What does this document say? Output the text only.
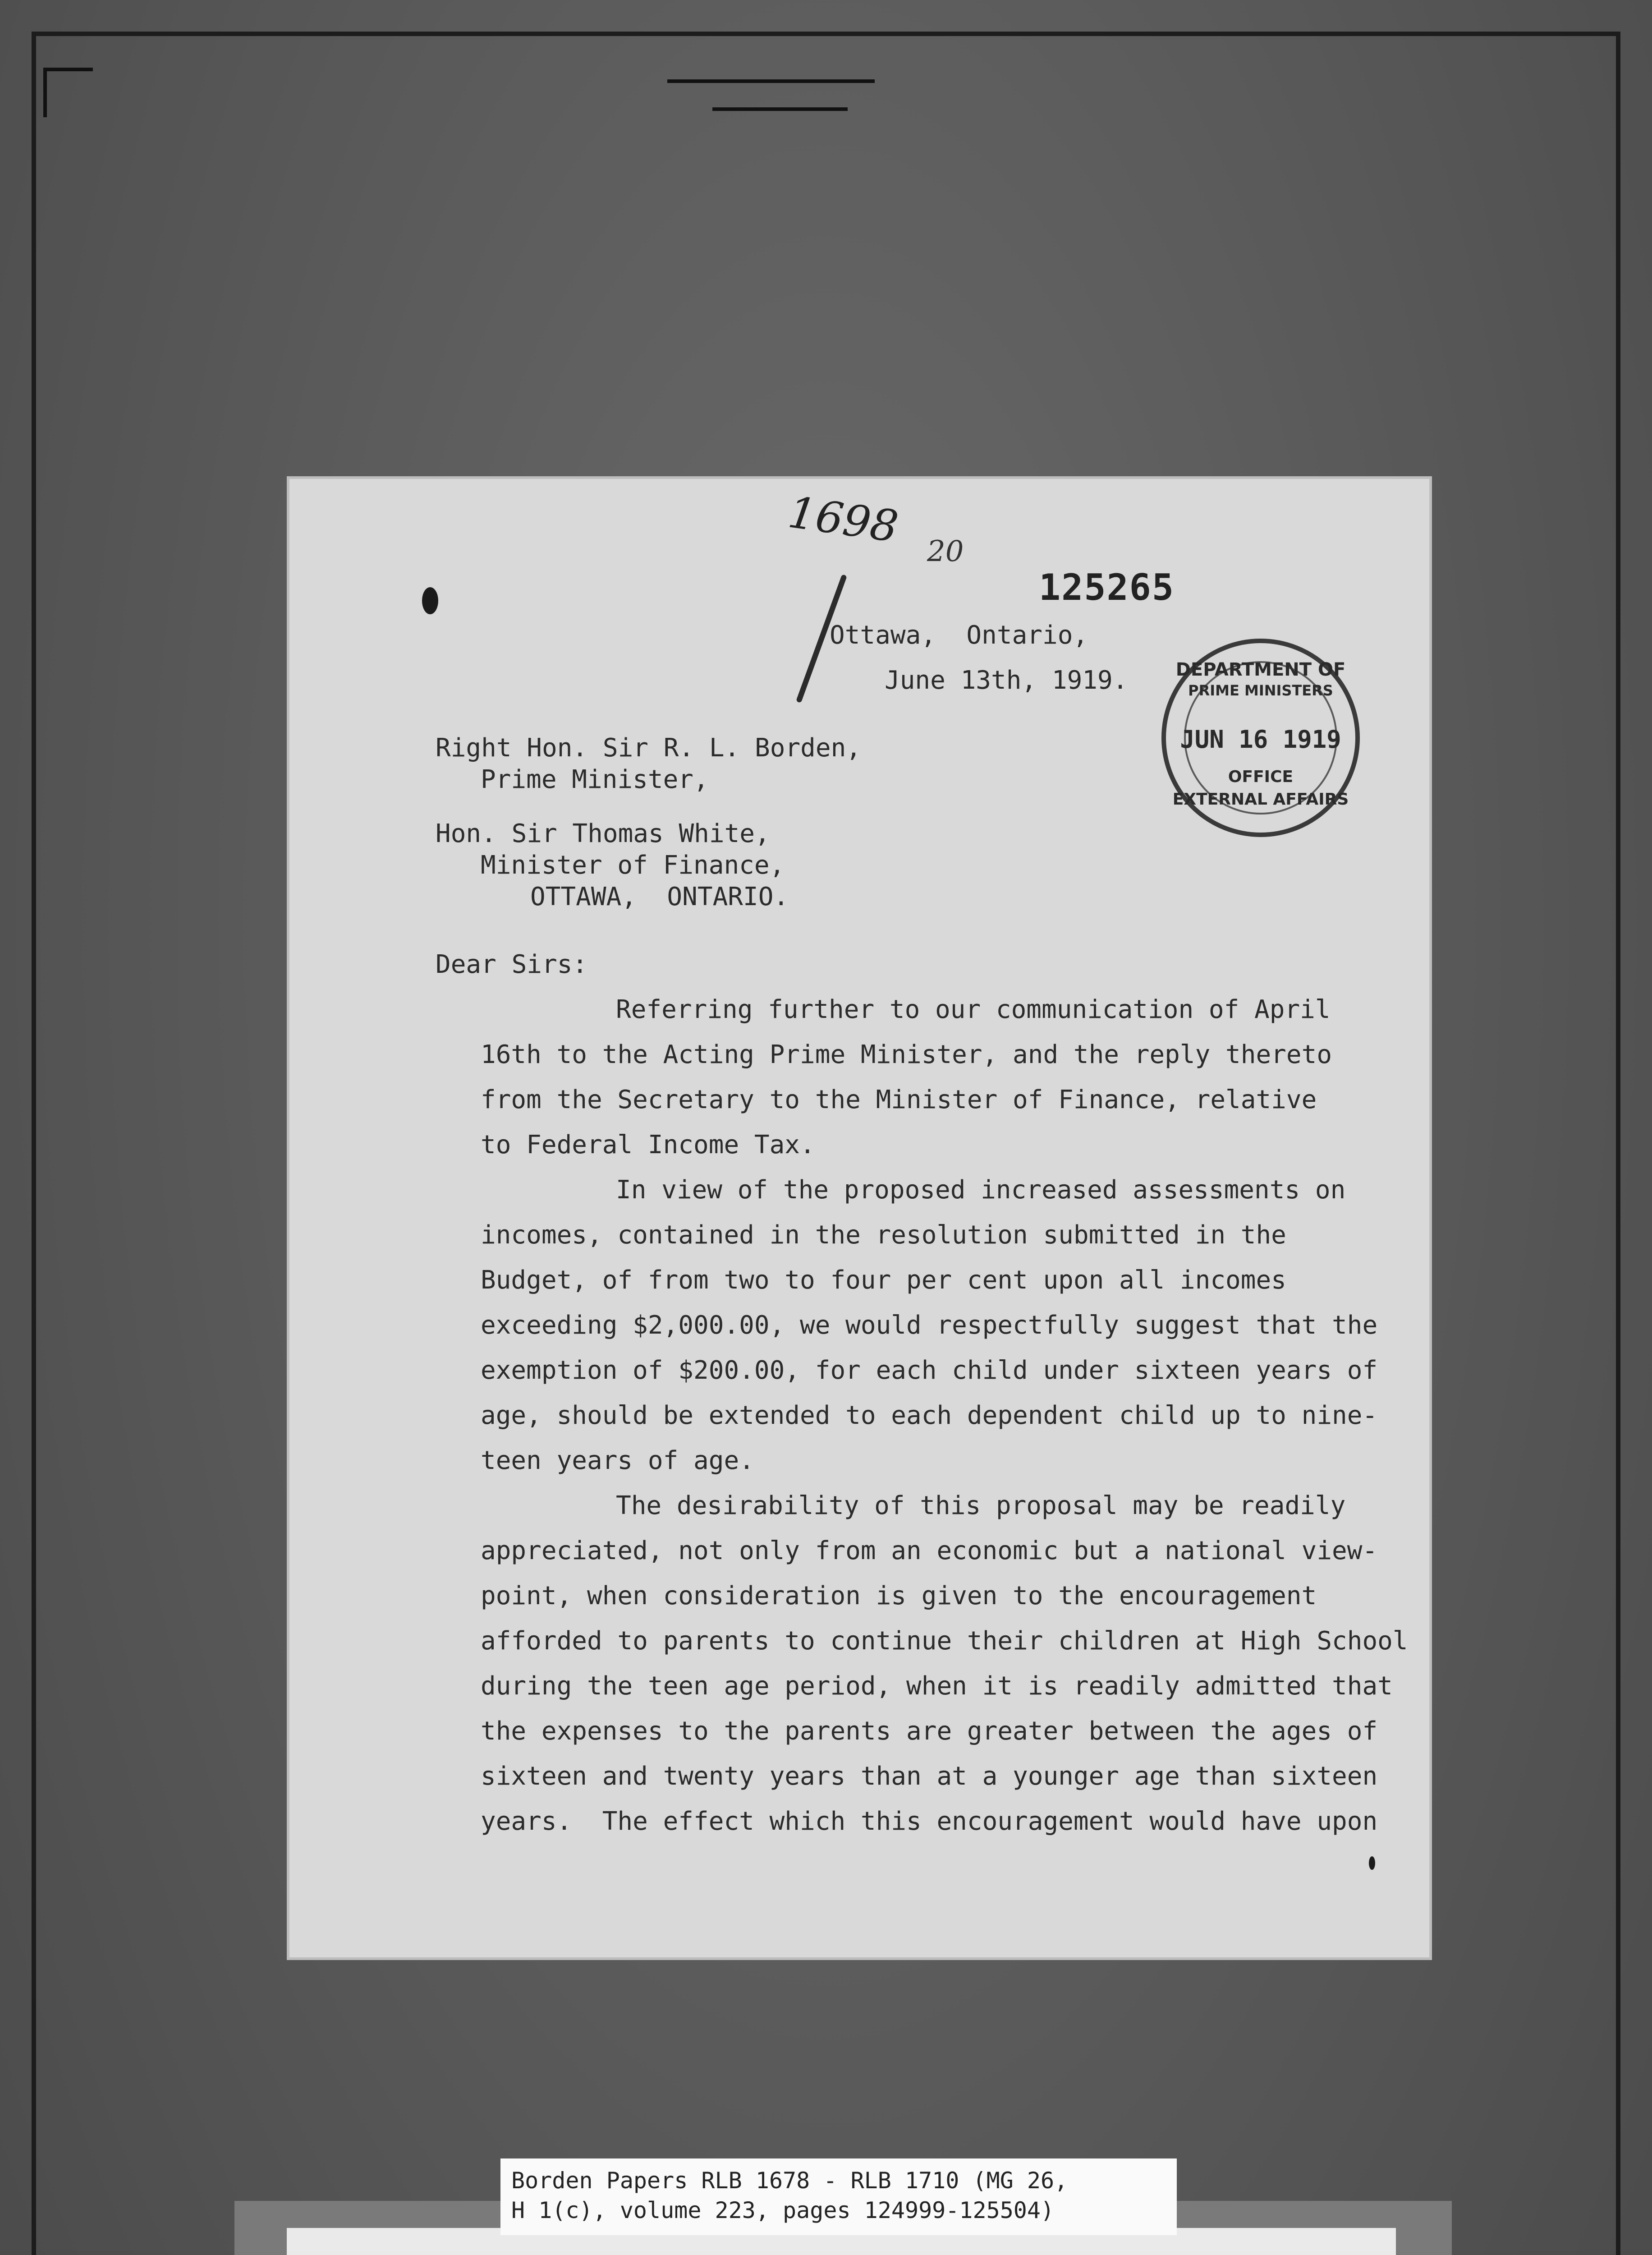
1698 20
125265
Ottawa,  Ontario,
June 13th, 1919.	DEPARTMENT OF
PRIME MINISTERS
JUN 16 1919
OFFICE
EXTERNAL AFFAIRS
Right Hon. Sir R. L. Borden,
Prime Minister,
Hon. Sir Thomas White,
Minister of Finance,
OTTAWA,  ONTARIO.
Dear Sirs:
Referring further to our communication of April
16th to the Acting Prime Minister, and the reply thereto
from the Secretary to the Minister of Finance, relative
to Federal Income Tax.
In view of the proposed increased assessments on
incomes, contained in the resolution submitted in the
Budget, of from two to four per cent upon all incomes
exceeding $2,000.00, we would respectfully suggest that the
exemption of $200.00, for each child under sixteen years of
age, should be extended to each dependent child up to nine-
teen years of age.
The desirability of this proposal may be readily
appreciated, not only from an economic but a national view-
point, when consideration is given to the encouragement
afforded to parents to continue their children at High School
during the teen age period, when it is readily admitted that
the expenses to the parents are greater between the ages of
sixteen and twenty years than at a younger age than sixteen
years.  The effect which this encouragement would have upon
Borden Papers RLB 1678 - RLB 1710 (MG 26,
H 1(c), volume 223, pages 124999-125504)
